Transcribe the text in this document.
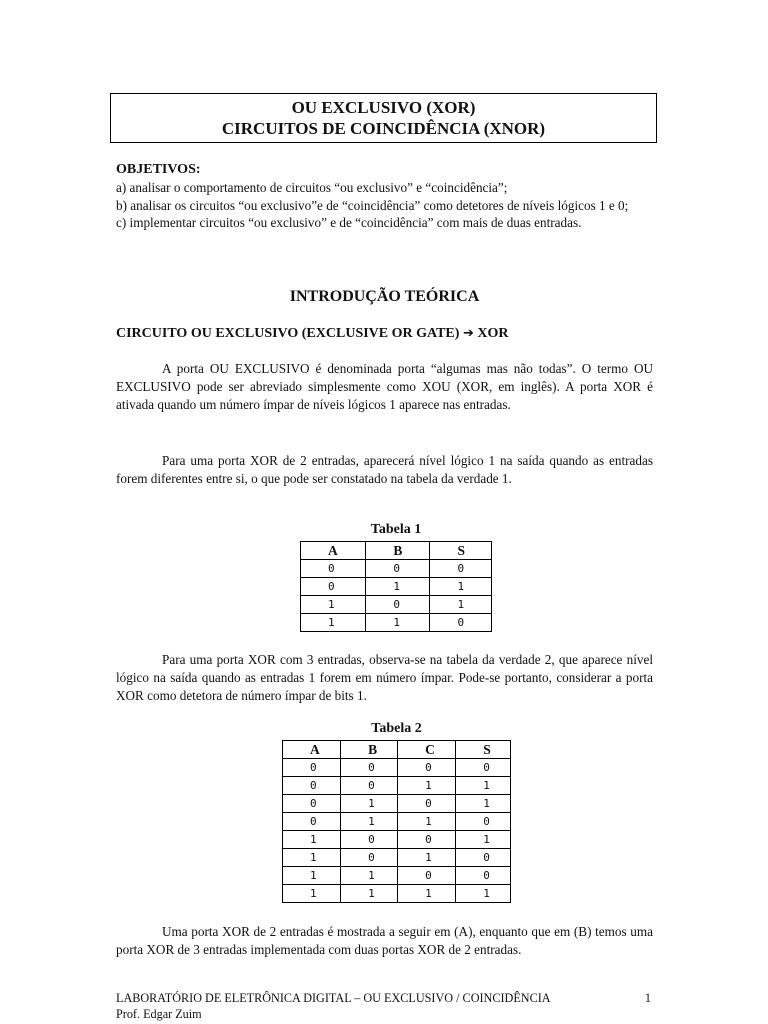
OU EXCLUSIVO (XOR)
CIRCUITOS DE COINCIDÊNCIA (XNOR)
OBJETIVOS:

a) analisar o comportamento de circuitos “ou exclusivo” e “coincidência”;

b) analisar os circuitos “ou exclusivo”e de “coincidência” como detetores de níveis lógicos 1 e 0;

c) implementar circuitos “ou exclusivo” e de “coincidência” com mais de duas entradas.

INTRODUÇÃO TEÓRICA
CIRCUITO OU EXCLUSIVO (EXCLUSIVE OR GATE) ➔ XOR

A porta OU EXCLUSIVO é denominada porta “algumas mas não todas”. O termo OU EXCLUSIVO pode ser abreviado simplesmente como XOU (XOR, em inglês). A porta XOR é ativada quando um número ímpar de níveis lógicos 1 aparece nas entradas.

Para uma porta XOR de 2 entradas, aparecerá nível lógico 1 na saída quando as entradas forem diferentes entre si, o que pode ser constatado na tabela da verdade 1.

Tabela 1
A	B	S
0	0	0
0	1	1
1	0	1
1	1	0

Para uma porta XOR com 3 entradas, observa-se na tabela da verdade 2, que aparece nível lógico na saída quando as entradas 1 forem em número ímpar. Pode-se portanto, considerar a porta XOR como detetora de número ímpar de bits 1.

Tabela 2
A	B	C	S
0	0	0	0
0	0	1	1
0	1	0	1
0	1	1	0
1	0	0	1
1	0	1	0
1	1	0	0
1	1	1	1

Uma porta XOR de 2 entradas é mostrada a seguir em (A), enquanto que em (B) temos uma porta XOR de 3 entradas implementada com duas portas XOR de 2 entradas.

LABORATÓRIO DE ELETRÔNICA DIGITAL – OU EXCLUSIVO / COINCIDÊNCIA
Prof. Edgar Zuim
1
